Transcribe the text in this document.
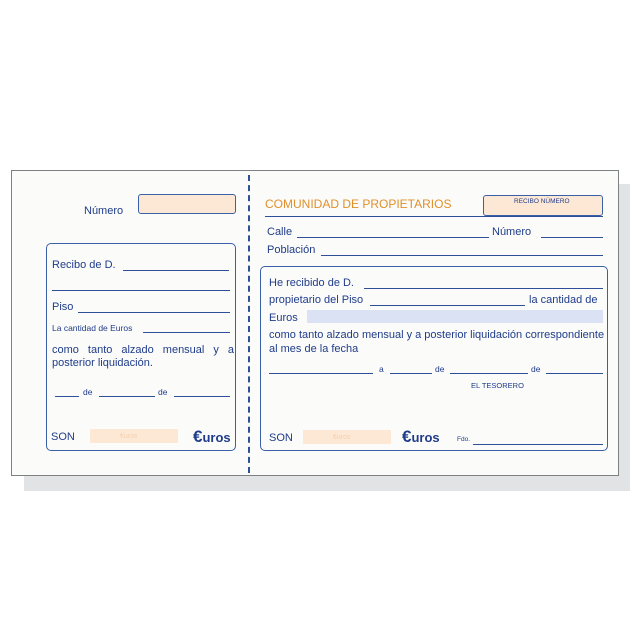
Número
Recibo de D.
Piso
La cantidad de Euros
como tanto alzado mensual y a posterior liquidación.
de	de
SON	€uros	€uros
COMUNIDAD DE PROPIETARIOS	RECIBO NÚMERO
Calle	Número
Población
He recibido de D.
propietario del Piso	la cantidad de
Euros
como tanto alzado mensual y a posterior liquidación correspondiente
al mes de la fecha
a	de	de
EL TESORERO
SON	€uros	€uros	Fdo.
